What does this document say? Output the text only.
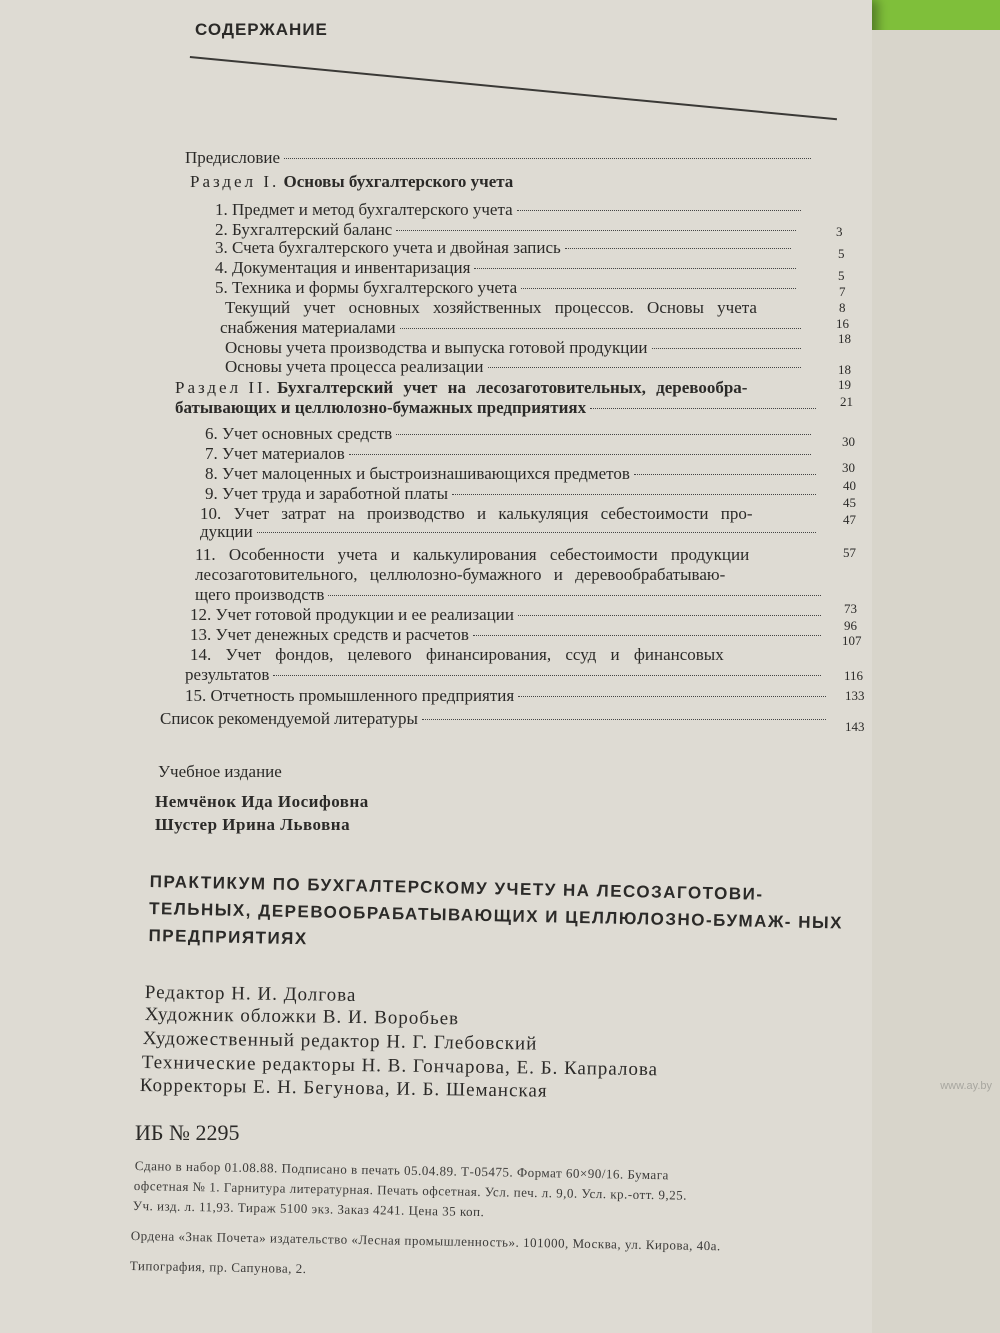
СОДЕРЖАНИЕ
Предисловие
Раздел I. Основы бухгалтерского учета
1. Предмет и метод бухгалтерского учета
2. Бухгалтерский баланс
3. Счета бухгалтерского учета и двойная запись
4. Документация и инвентаризация
5. Техника и формы бухгалтерского учета
Текущий учет основных хозяйственных процессов. Основы учета
снабжения материалами
Основы учета производства и выпуска готовой продукции
Основы учета процесса реализации
Раздел II. Бухгалтерский учет на лесозаготовительных, деревообра-
батывающих и целлюлозно-бумажных предприятиях
6. Учет основных средств
7. Учет материалов
8. Учет малоценных и быстроизнашивающихся предметов
9. Учет труда и заработной платы
10. Учет затрат на производство и калькуляция себестоимости про-
дукции
11. Особенности учета и калькулирования себестоимости продукции
лесозаготовительного, целлюлозно-бумажного и деревообрабатываю-
щего производств
12. Учет готовой продукции и ее реализации
13. Учет денежных средств и расчетов
14. Учет фондов, целевого финансирования, ссуд и финансовых
результатов
15. Отчетность промышленного предприятия
Список рекомендуемой литературы
3
5
5
7
8
16
18
18
19
21
30
30
40
45
47
57
73
96
107
116
133
143
Учебное издание
Немчёнок Ида Иосифовна
Шустер Ирина Львовна
ПРАКТИКУМ ПО БУХГАЛТЕРСКОМУ УЧЕТУ НА ЛЕСОЗАГОТОВИ- ТЕЛЬНЫХ, ДЕРЕВООБРАБАТЫВАЮЩИХ И ЦЕЛЛЮЛОЗНО-БУМАЖ- НЫХ ПРЕДПРИЯТИЯХ
Редактор Н. И. Долгова
Художник обложки В. И. Воробьев
Художественный редактор Н. Г. Глебовский
Технические редакторы Н. В. Гончарова, Е. Б. Капралова
Корректоры Е. Н. Бегунова, И. Б. Шеманская
ИБ № 2295
Сдано в набор 01.08.88. Подписано в печать 05.04.89. Т-05475. Формат 60×90/16. Бумага
офсетная № 1. Гарнитура литературная. Печать офсетная. Усл. печ. л. 9,0. Усл. кр.-отт. 9,25.
Уч. изд. л. 11,93. Тираж 5100 экз. Заказ 4241. Цена 35 коп.
Ордена «Знак Почета» издательство «Лесная промышленность». 101000, Москва, ул. Кирова, 40а.
Типография, пр. Сапунова, 2.
www.ay.by
